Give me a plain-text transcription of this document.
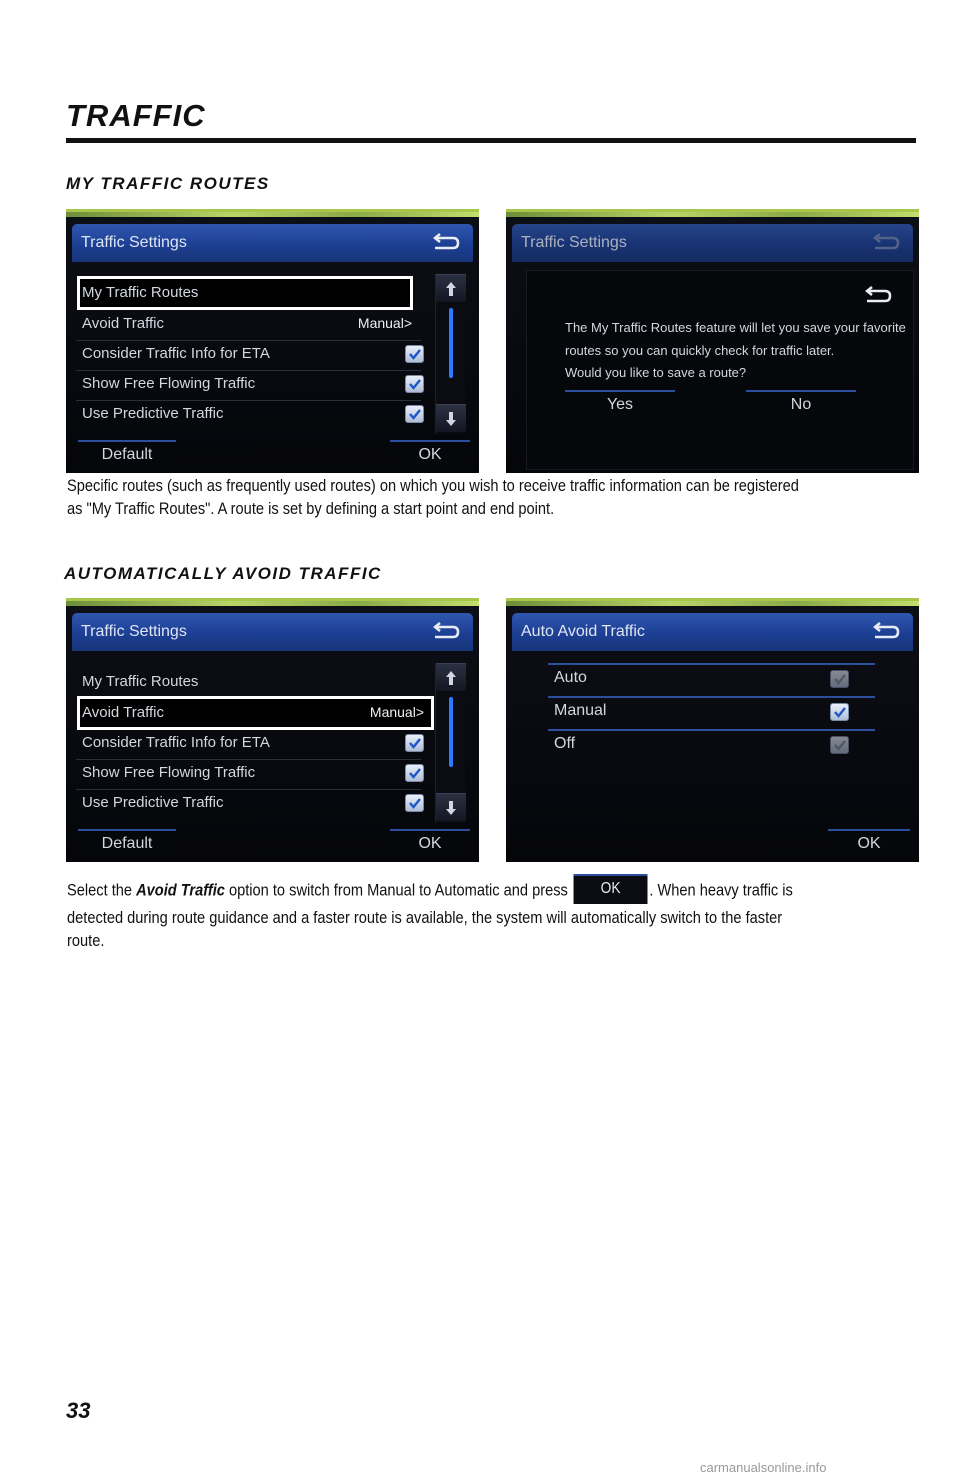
TRAFFIC
MY TRAFFIC ROUTES
Traffic Settings
My Traffic Routes
Avoid Traffic	Manual>
Consider Traffic Info for ETA
Show Free Flowing Traffic
Use Predictive Traffic
Default	OK
Traffic Settings
The My Traffic Routes feature will let you save your favorite
routes so you can quickly check for traffic later.
Would you like to save a route?
Yes	No
Specific routes (such as frequently used routes) on which you wish to receive traffic information can be registered
as "My Traffic Routes". A route is set by defining a start point and end point.
AUTOMATICALLY AVOID TRAFFIC
Traffic Settings
My Traffic Routes
Avoid Traffic	Manual>
Consider Traffic Info for ETA
Show Free Flowing Traffic
Use Predictive Traffic
Default	OK
Auto Avoid Traffic
Auto
Manual
Off
OK
Select the Avoid Traffic option to switch from Manual to Automatic and press OK . When heavy traffic is
detected during route guidance and a faster route is available, the system will automatically switch to the faster route.
33
carmanualsonline.info
